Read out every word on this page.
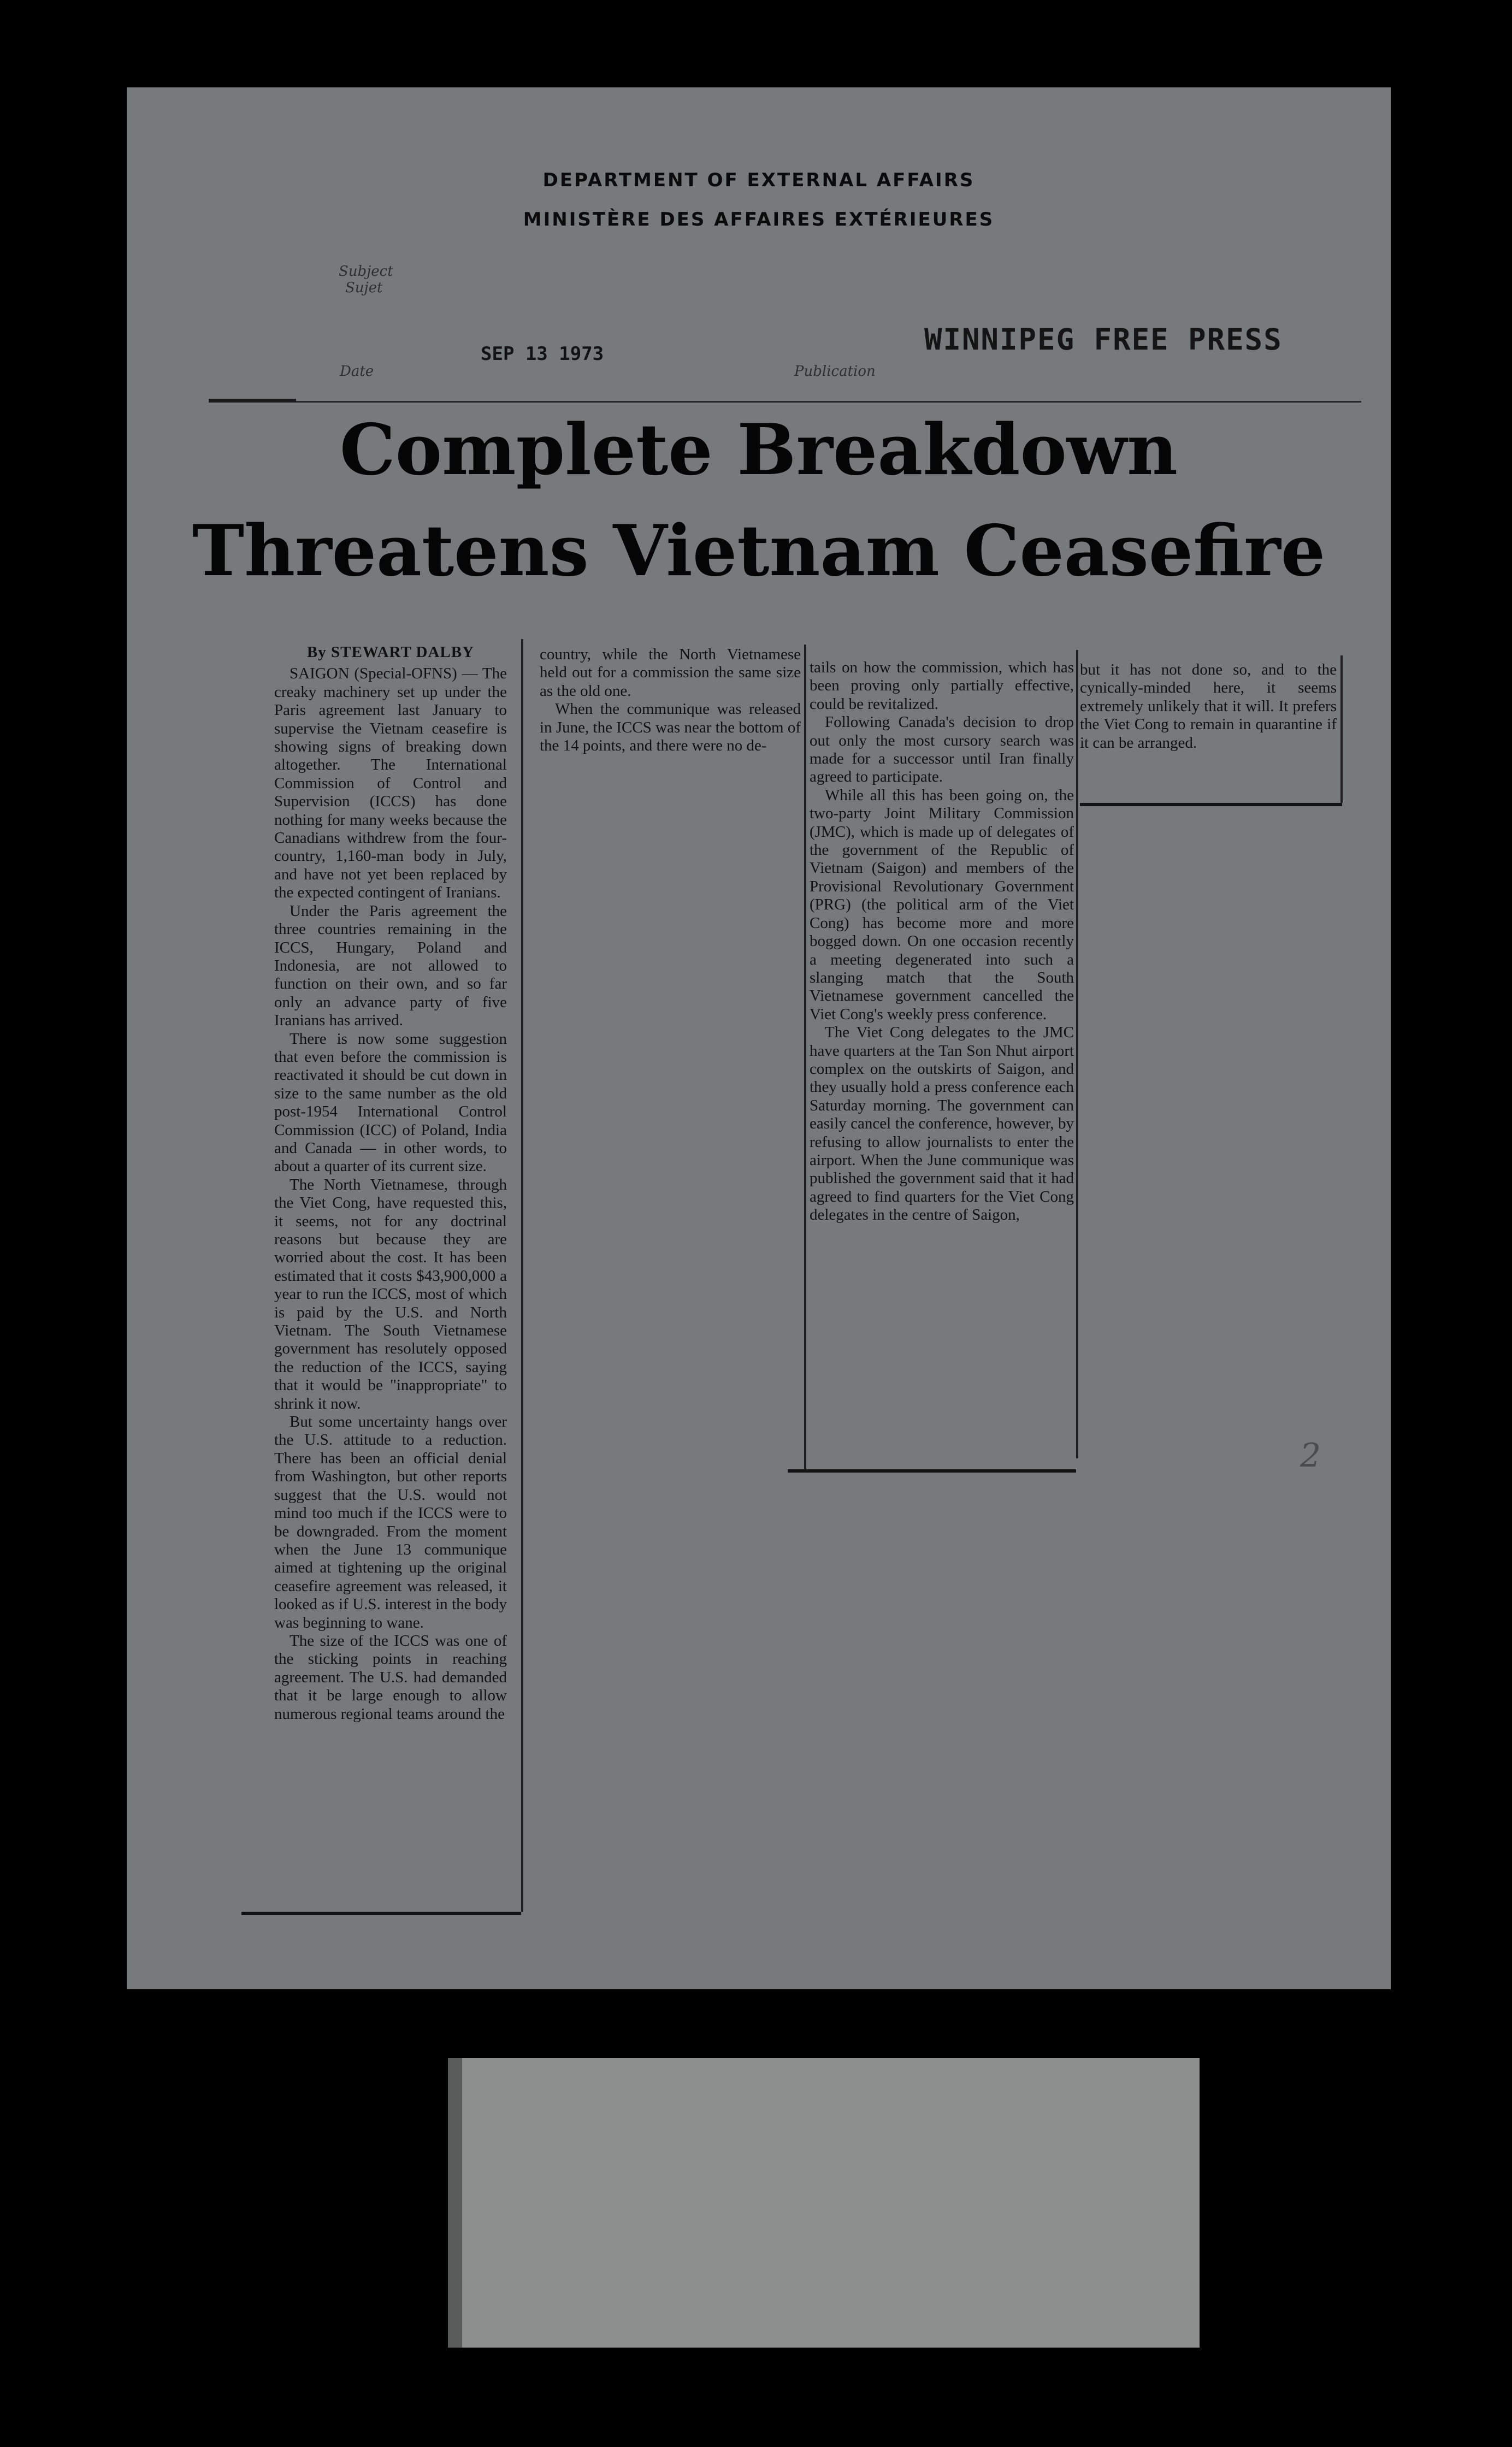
DEPARTMENT OF EXTERNAL AFFAIRS
MINISTÈRE DES AFFAIRES EXTÉRIEURES
Subject
Sujet
Date	Publication
SEP 13 1973	WINNIPEG FREE PRESS
Complete Breakdown
Threatens Vietnam Ceasefire

By STEWART DALBY

SAIGON (Special-OFNS) — The creaky machinery set up under the Paris agreement last January to supervise the Vietnam ceasefire is showing signs of breaking down altogether. The International Commission of Control and Supervision (ICCS) has done nothing for many weeks because the Canadians withdrew from the four-country, 1,160-man body in July, and have not yet been replaced by the expected contingent of Iranians.

Under the Paris agreement the three countries remaining in the ICCS, Hungary, Poland and Indonesia, are not allowed to function on their own, and so far only an advance party of five Iranians has arrived.

There is now some suggestion that even before the commission is reactivated it should be cut down in size to the same number as the old post-1954 International Control Commission (ICC) of Poland, India and Canada — in other words, to about a quarter of its current size.

The North Vietnamese, through the Viet Cong, have requested this, it seems, not for any doctrinal reasons but because they are worried about the cost. It has been estimated that it costs $43,900,000 a year to run the ICCS, most of which is paid by the U.S. and North Vietnam. The South Vietnamese government has resolutely opposed the reduction of the ICCS, saying that it would be "inappropriate" to shrink it now.

But some uncertainty hangs over the U.S. attitude to a reduction. There has been an official denial from Washington, but other reports suggest that the U.S. would not mind too much if the ICCS were to be downgraded. From the moment when the June 13 communique aimed at tightening up the original ceasefire agreement was released, it looked as if U.S. interest in the body was beginning to wane.

The size of the ICCS was one of the sticking points in reaching agreement. The U.S. had demanded that it be large enough to allow numerous regional teams around the

country, while the North Vietnamese held out for a commission the same size as the old one.

When the communique was released in June, the ICCS was near the bottom of the 14 points, and there were no de-

tails on how the commission, which has been proving only partially effective, could be revitalized.

Following Canada's decision to drop out only the most cursory search was made for a successor until Iran finally agreed to participate.

While all this has been going on, the two-party Joint Military Commission (JMC), which is made up of delegates of the government of the Republic of Vietnam (Saigon) and members of the Provisional Revolutionary Government (PRG) (the political arm of the Viet Cong) has become more and more bogged down. On one occasion recently a meeting degenerated into such a slanging match that the South Vietnamese government cancelled the Viet Cong's weekly press conference.

The Viet Cong delegates to the JMC have quarters at the Tan Son Nhut airport complex on the outskirts of Saigon, and they usually hold a press conference each Saturday morning. The government can easily cancel the conference, however, by refusing to allow journalists to enter the airport. When the June communique was published the government said that it had agreed to find quarters for the Viet Cong delegates in the centre of Saigon,

but it has not done so, and to the cynically-minded here, it seems extremely unlikely that it will. It prefers the Viet Cong to remain in quarantine if it can be arranged.

2
